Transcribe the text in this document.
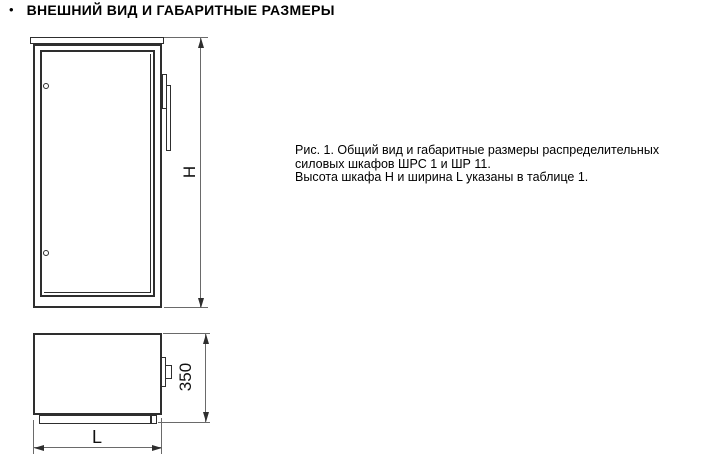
• ВНЕШНИЙ ВИД И ГАБАРИТНЫЕ РАЗМЕРЫ
H
350
L
Рис. 1. Общий вид и габаритные размеры распределительных
силовых шкафов ШРС 1 и ШР 11.
Высота шкафа Н и ширина L указаны в таблице 1.
